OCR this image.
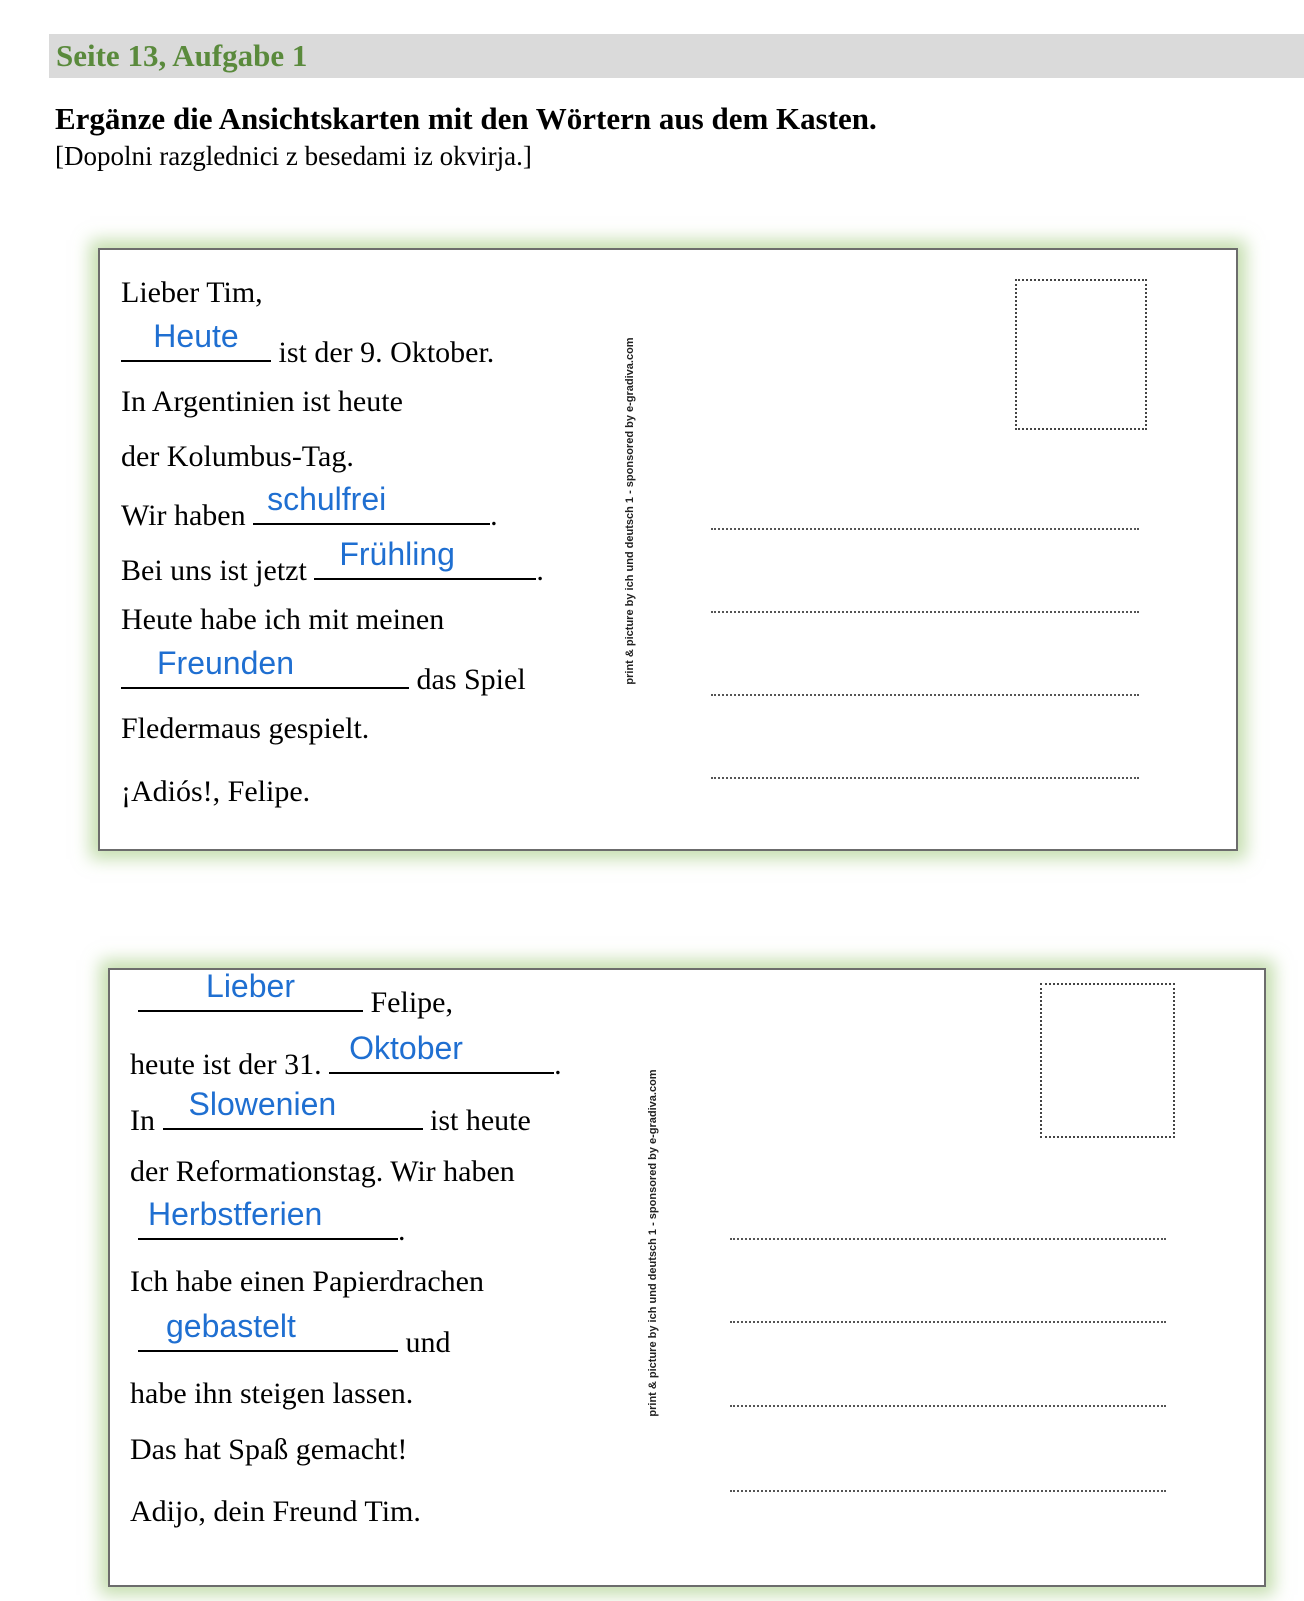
Seite 13, Aufgabe 1
Ergänze die Ansichtskarten mit den Wörtern aus dem Kasten.
[Dopolni razglednici z besedami iz okvirja.]
Lieber Tim,
Heute	ist der 9. Oktober.
In Argentinien ist heute
der Kolumbus-Tag.
Wir haben schulfrei	.
Bei uns ist jetzt Frühling	.
Heute habe ich mit meinen
Freunden	das Spiel
Fledermaus gespielt.
¡Adiós!, Felipe.
print & picture by ich und deutsch 1 - sponsored by e-gradiva.com
Lieber	Felipe,
heute ist der 31. Oktober	.
In Slowenien	ist heute
der Reformationstag. Wir haben
Herbstferien	.
Ich habe einen Papierdrachen
gebastelt	und
habe ihn steigen lassen.
Das hat Spaß gemacht!
Adijo, dein Freund Tim.
print & picture by ich und deutsch 1 - sponsored by e-gradiva.com
